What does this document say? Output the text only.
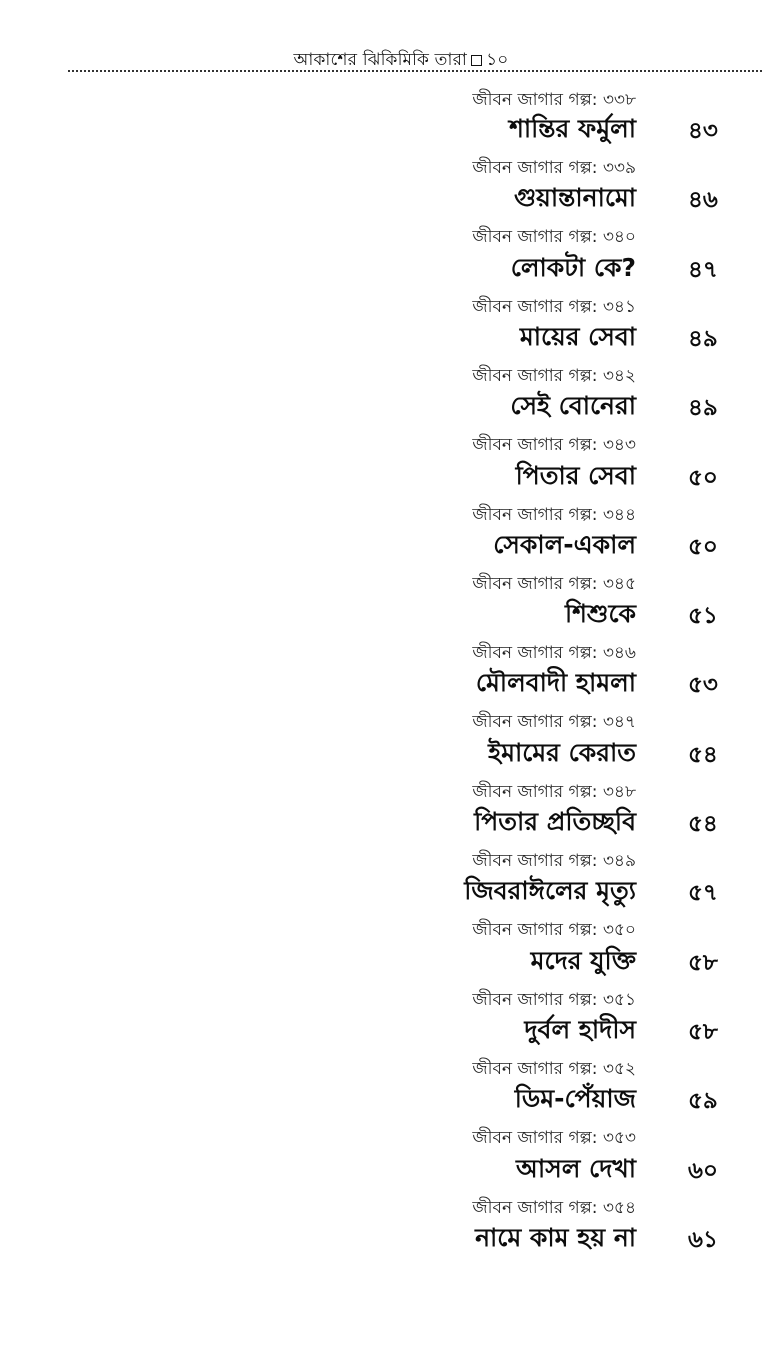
আকাশের ঝিকিমিকি তারা ১০
জীবন জাগার গল্প: ৩৩৮
শান্তির ফর্মুলা ৪৩
জীবন জাগার গল্প: ৩৩৯
গুয়ান্তানামো ৪৬
জীবন জাগার গল্প: ৩৪০
লোকটা কে? ৪৭
জীবন জাগার গল্প: ৩৪১
মায়ের সেবা ৪৯
জীবন জাগার গল্প: ৩৪২
সেই বোনেরা ৪৯
জীবন জাগার গল্প: ৩৪৩
পিতার সেবা ৫০
জীবন জাগার গল্প: ৩৪৪
সেকাল-একাল ৫০
জীবন জাগার গল্প: ৩৪৫
শিশুকে ৫১
জীবন জাগার গল্প: ৩৪৬
মৌলবাদী হামলা ৫৩
জীবন জাগার গল্প: ৩৪৭
ইমামের কেরাত ৫৪
জীবন জাগার গল্প: ৩৪৮
পিতার প্রতিচ্ছবি ৫৪
জীবন জাগার গল্প: ৩৪৯
জিবরাঈলের মৃত্যু ৫৭
জীবন জাগার গল্প: ৩৫০
মদের যুক্তি ৫৮
জীবন জাগার গল্প: ৩৫১
দুর্বল হাদীস ৫৮
জীবন জাগার গল্প: ৩৫২
ডিম-পেঁয়াজ ৫৯
জীবন জাগার গল্প: ৩৫৩
আসল দেখা ৬০
জীবন জাগার গল্প: ৩৫৪
নামে কাম হয় না ৬১
